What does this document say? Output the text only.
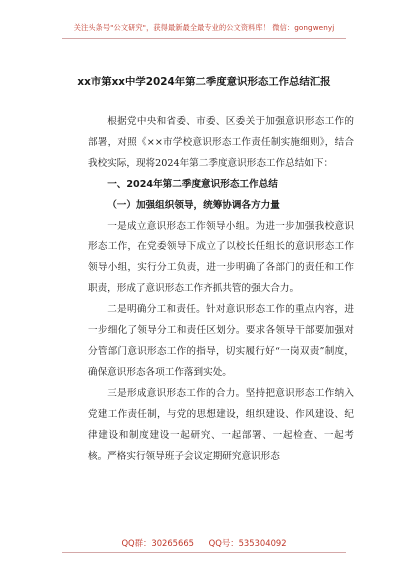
关注头条号"公文研究"，获得最新最全最专业的公文资料库！ 微信：gongwenyj
xx市第xx中学2024年第二季度意识形态工作总结汇报

根据党中央和省委、市委、区委关于加强意识形态工作的部署，对照《××市学校意识形态工作责任制实施细则》，结合我校实际，现将2024年第二季度意识形态工作总结如下：

一、2024年第二季度意识形态工作总结
（一）加强组织领导，统筹协调各方力量

一是成立意识形态工作领导小组。为进一步加强我校意识形态工作，在党委领导下成立了以校长任组长的意识形态工作领导小组，实行分工负责，进一步明确了各部门的责任和工作职责，形成了意识形态工作齐抓共管的强大合力。

二是明确分工和责任。针对意识形态工作的重点内容，进一步细化了领导分工和责任区划分。要求各领导干部要加强对分管部门意识形态工作的指导，切实履行好“一岗双责”制度，确保意识形态各项工作落到实处。

三是形成意识形态工作的合力。坚持把意识形态工作纳入党建工作责任制，与党的思想建设，组织建设、作风建设、纪律建设和制度建设一起研究、一起部署、一起检查、一起考核。严格实行领导班子会议定期研究意识形态

QQ群：30265665 QQ号：535304092
